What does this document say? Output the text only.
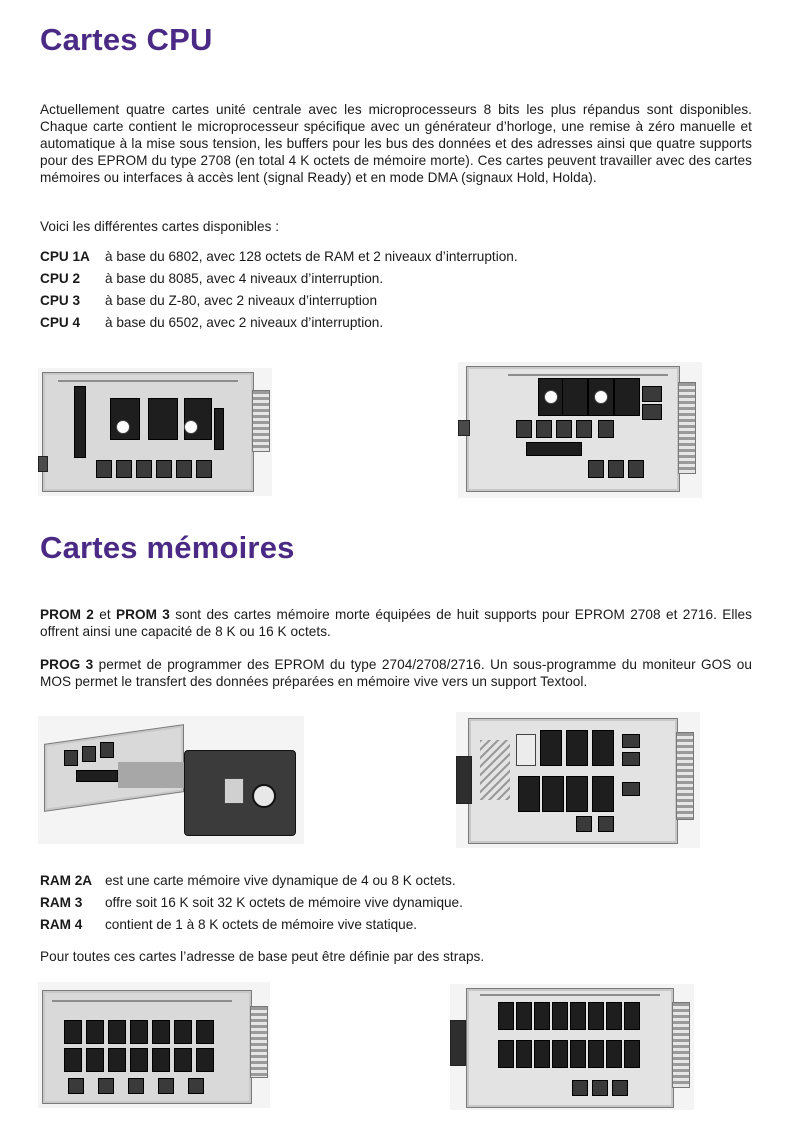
Cartes CPU

Actuellement quatre cartes unité centrale avec les microprocesseurs 8 bits les plus répandus sont disponibles. Chaque carte contient le microprocesseur spécifique avec un générateur d’horloge, une remise à zéro manuelle et automatique à la mise sous tension, les buffers pour les bus des données et des adresses ainsi que quatre supports pour des EPROM du type 2708 (en total 4 K octets de mémoire morte). Ces cartes peuvent travailler avec des cartes mémoires ou interfaces à accès lent (signal Ready) et en mode DMA (signaux Hold, Holda).

Voici les différentes cartes disponibles :

CPU 1A à base du 6802, avec 128 octets de RAM et 2 niveaux d’interruption.
CPU 2 à base du 8085, avec 4 niveaux d’interruption.
CPU 3 à base du Z-80, avec 2 niveaux d’interruption
CPU 4 à base du 6502, avec 2 niveaux d’interruption.
Cartes mémoires

PROM 2 et PROM 3 sont des cartes mémoire morte équipées de huit supports pour EPROM 2708 et 2716. Elles offrent ainsi une capacité de 8 K ou 16 K octets.

PROG 3 permet de programmer des EPROM du type 2704/2708/2716. Un sous-programme du moniteur GOS ou MOS permet le transfert des données préparées en mémoire vive vers un support Textool.

RAM 2A est une carte mémoire vive dynamique de 4 ou 8 K octets.
RAM 3 offre soit 16 K soit 32 K octets de mémoire vive dynamique.
RAM 4 contient de 1 à 8 K octets de mémoire vive statique.

Pour toutes ces cartes l’adresse de base peut être définie par des straps.
